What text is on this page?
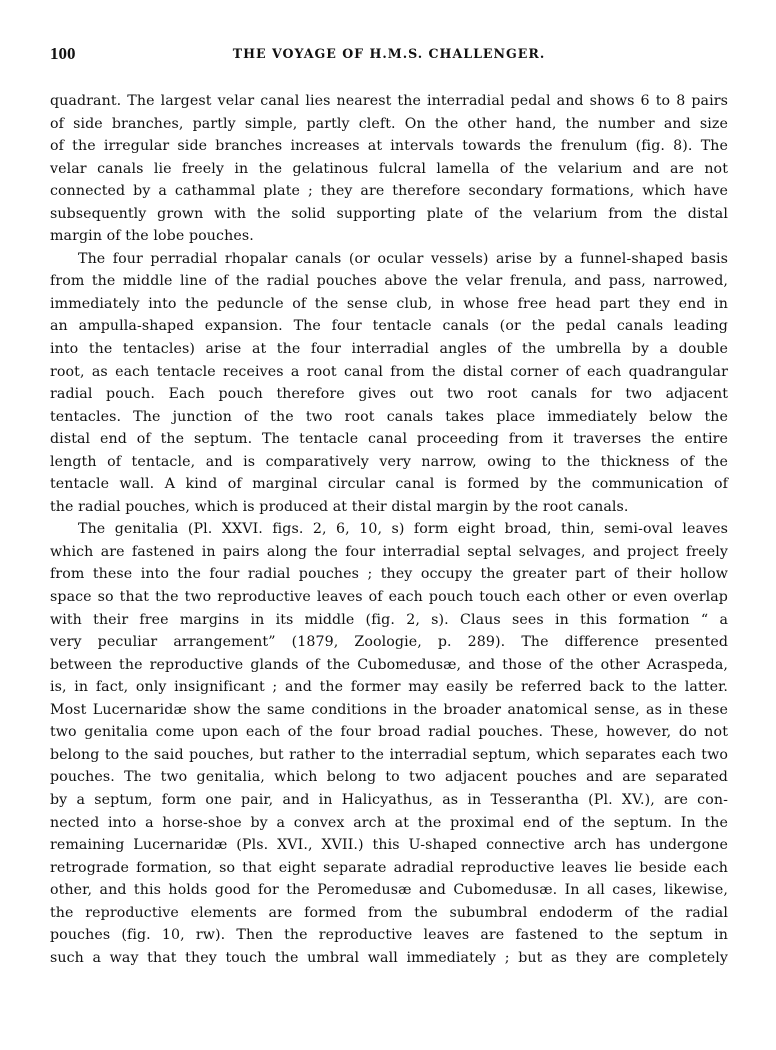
100	THE VOYAGE OF H.M.S. CHALLENGER.
quadrant. The largest velar canal lies nearest the interradial pedal and shows 6 to 8 pairs
of side branches, partly simple, partly cleft. On the other hand, the number and size
of the irregular side branches increases at intervals towards the frenulum (fig. 8). The
velar canals lie freely in the gelatinous fulcral lamella of the velarium and are not
connected by a cathammal plate ; they are therefore secondary formations, which have
subsequently grown with the solid supporting plate of the velarium from the distal
margin of the lobe pouches.
The four perradial rhopalar canals (or ocular vessels) arise by a funnel-shaped basis
from the middle line of the radial pouches above the velar frenula, and pass, narrowed,
immediately into the peduncle of the sense club, in whose free head part they end in
an ampulla-shaped expansion. The four tentacle canals (or the pedal canals leading
into the tentacles) arise at the four interradial angles of the umbrella by a double
root, as each tentacle receives a root canal from the distal corner of each quadrangular
radial pouch. Each pouch therefore gives out two root canals for two adjacent
tentacles. The junction of the two root canals takes place immediately below the
distal end of the septum. The tentacle canal proceeding from it traverses the entire
length of tentacle, and is comparatively very narrow, owing to the thickness of the
tentacle wall. A kind of marginal circular canal is formed by the communication of
the radial pouches, which is produced at their distal margin by the root canals.
The genitalia (Pl. XXVI. figs. 2, 6, 10, s) form eight broad, thin, semi-oval leaves
which are fastened in pairs along the four interradial septal selvages, and project freely
from these into the four radial pouches ; they occupy the greater part of their hollow
space so that the two reproductive leaves of each pouch touch each other or even overlap
with their free margins in its middle (fig. 2, s). Claus sees in this formation “ a
very peculiar arrangement” (1879, Zoologie, p. 289). The difference presented
between the reproductive glands of the Cubomedusæ, and those of the other Acraspeda,
is, in fact, only insignificant ; and the former may easily be referred back to the latter.
Most Lucernaridæ show the same conditions in the broader anatomical sense, as in these
two genitalia come upon each of the four broad radial pouches. These, however, do not
belong to the said pouches, but rather to the interradial septum, which separates each two
pouches. The two genitalia, which belong to two adjacent pouches and are separated
by a septum, form one pair, and in Halicyathus, as in Tesserantha (Pl. XV.), are con-
nected into a horse-shoe by a convex arch at the proximal end of the septum. In the
remaining Lucernaridæ (Pls. XVI., XVII.) this U-shaped connective arch has undergone
retrograde formation, so that eight separate adradial reproductive leaves lie beside each
other, and this holds good for the Peromedusæ and Cubomedusæ. In all cases, likewise,
the reproductive elements are formed from the subumbral endoderm of the radial
pouches (fig. 10, rw). Then the reproductive leaves are fastened to the septum in
such a way that they touch the umbral wall immediately ; but as they are completely
